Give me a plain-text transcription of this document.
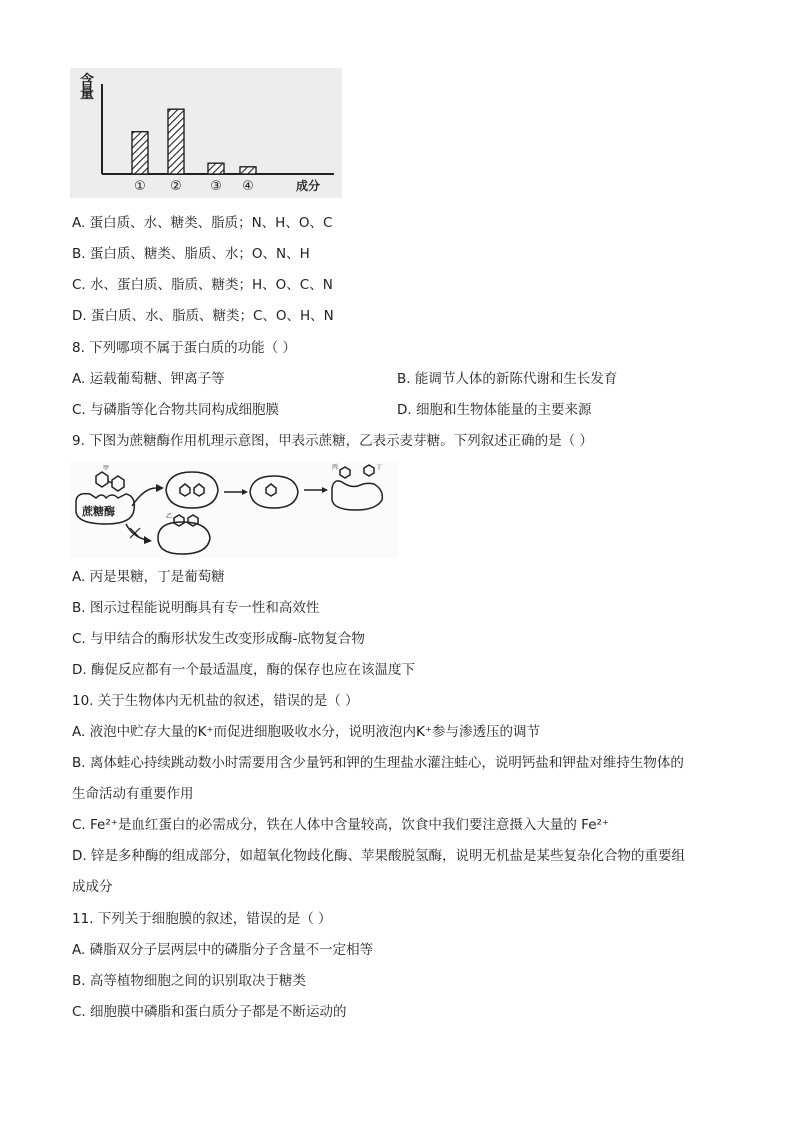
含
量
① ② ③ ④	成分
A. 蛋白质、水、糖类、脂质；N、H、O、C
B. 蛋白质、糖类、脂质、水；O、N、H
C. 水、蛋白质、脂质、糖类；H、O、C、N
D. 蛋白质、水、脂质、糖类；C、O、H、N
8. 下列哪项不属于蛋白质的功能（ ）
A. 运载葡萄糖、钾离子等	B. 能调节人体的新陈代谢和生长发育
C. 与磷脂等化合物共同构成细胞膜	D. 细胞和生物体能量的主要来源
9. 下图为蔗糖酶作用机理示意图，甲表示蔗糖，乙表示麦芽糖。下列叙述正确的是（ ）
蔗糖酶
甲	丙	丁
乙
A. 丙是果糖，丁是葡萄糖
B. 图示过程能说明酶具有专一性和高效性
C. 与甲结合的酶形状发生改变形成酶-底物复合物
D. 酶促反应都有一个最适温度，酶的保存也应在该温度下
10. 关于生物体内无机盐的叙述，错误的是（ ）
A. 液泡中贮存大量的K⁺而促进细胞吸收水分，说明液泡内K⁺参与渗透压的调节
B. 离体蛙心持续跳动数小时需要用含少量钙和钾的生理盐水灌注蛙心，说明钙盐和钾盐对维持生物体的
生命活动有重要作用
C. Fe²⁺是血红蛋白的必需成分，铁在人体中含量较高，饮食中我们要注意摄入大量的 Fe²⁺
D. 锌是多种酶的组成部分，如超氧化物歧化酶、苹果酸脱氢酶，说明无机盐是某些复杂化合物的重要组
成成分
11. 下列关于细胞膜的叙述，错误的是（ ）
A. 磷脂双分子层两层中的磷脂分子含量不一定相等
B. 高等植物细胞之间的识别取决于糖类
C. 细胞膜中磷脂和蛋白质分子都是不断运动的
